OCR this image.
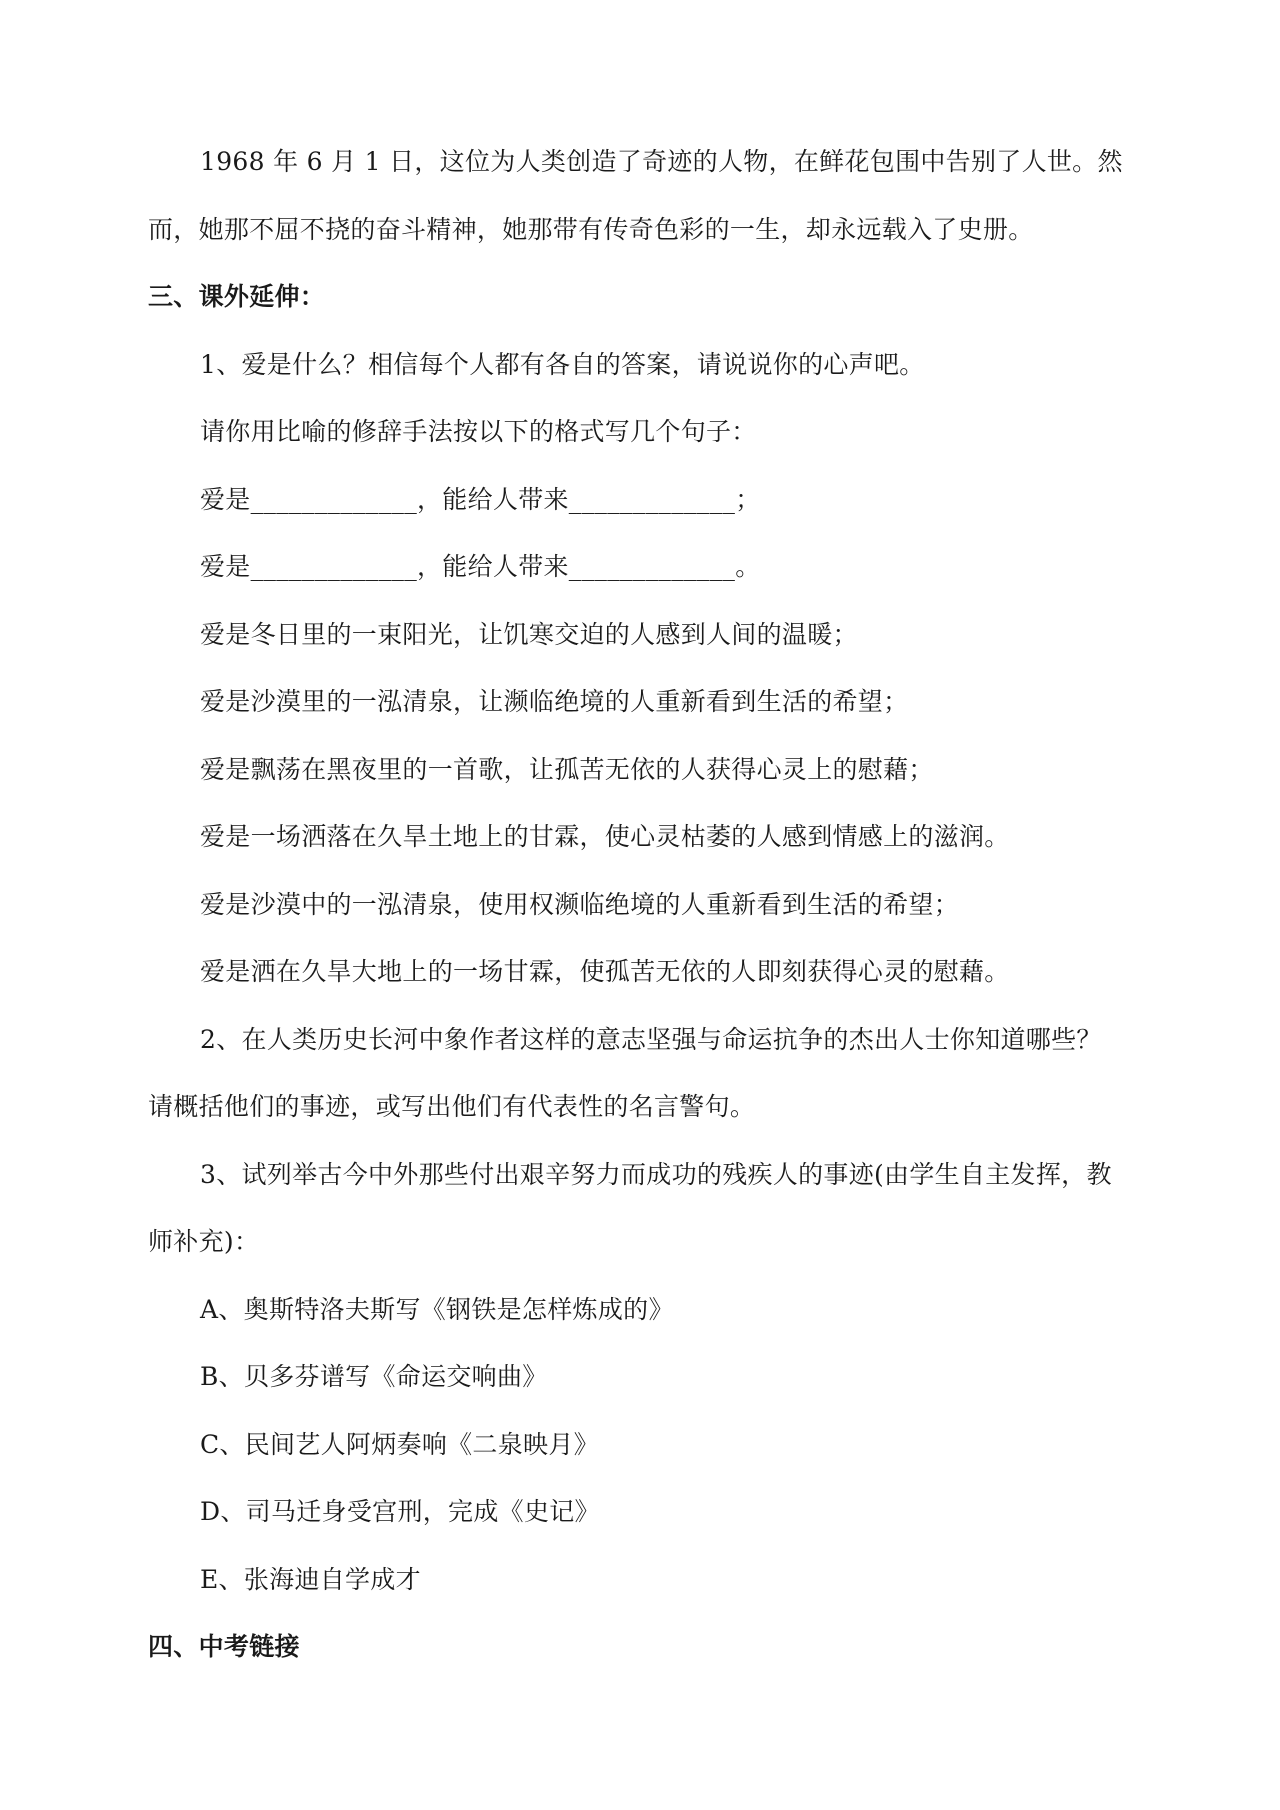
1968 年 6 月 1 日，这位为人类创造了奇迹的人物，在鲜花包围中告别了人世。然
而，她那不屈不挠的奋斗精神，她那带有传奇色彩的一生，却永远载入了史册。
三、课外延伸：
1、爱是什么？相信每个人都有各自的答案，请说说你的心声吧。
请你用比喻的修辞手法按以下的格式写几个句子：
爱是_____________，能给人带来_____________；
爱是_____________，能给人带来_____________。
爱是冬日里的一束阳光，让饥寒交迫的人感到人间的温暖；
爱是沙漠里的一泓清泉，让濒临绝境的人重新看到生活的希望；
爱是飘荡在黑夜里的一首歌，让孤苦无依的人获得心灵上的慰藉；
爱是一场洒落在久旱土地上的甘霖，使心灵枯萎的人感到情感上的滋润。
爱是沙漠中的一泓清泉，使用权濒临绝境的人重新看到生活的希望；
爱是洒在久旱大地上的一场甘霖，使孤苦无依的人即刻获得心灵的慰藉。
2、在人类历史长河中象作者这样的意志坚强与命运抗争的杰出人士你知道哪些？
请概括他们的事迹，或写出他们有代表性的名言警句。
3、试列举古今中外那些付出艰辛努力而成功的残疾人的事迹(由学生自主发挥，教
师补充)：
A、奥斯特洛夫斯写《钢铁是怎样炼成的》
B、贝多芬谱写《命运交响曲》
C、民间艺人阿炳奏响《二泉映月》
D、司马迁身受宫刑，完成《史记》
E、张海迪自学成才
四、中考链接
